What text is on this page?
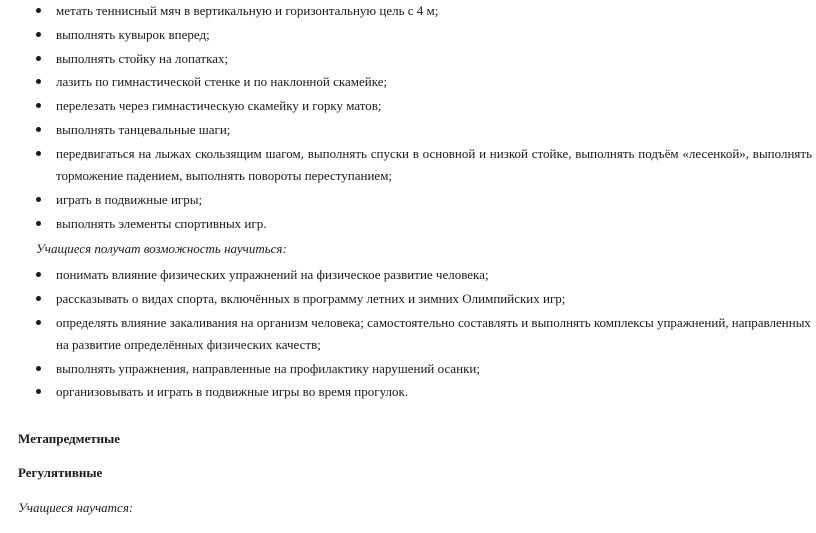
метать теннисный мяч в вертикальную и горизонтальную цель с 4 м;
выполнять кувырок вперед;
выполнять стойку на лопатках;
лазить по гимнастической стенке и по наклонной скамейке;
перелезать через гимнастическую скамейку и горку матов;
выполнять танцевальные шаги;
передвигаться на лыжах скользящим шагом, выполнять спуски в основной и низкой стойке, выполнять подъём «лесенкой», выполнять торможение падением, выполнять повороты переступанием;
играть в подвижные игры;
выполнять элементы спортивных игр.
Учащиеся получат возможность научиться:
понимать влияние физических упражнений на физическое развитие человека;
рассказывать о видах спорта, включённых в программу летних и зимних Олимпийских игр;
определять влияние закаливания на организм человека; самостоятельно составлять и выполнять комплексы упражнений, направленных на развитие определённых физических качеств;
выполнять упражнения, направленные на профилактику нарушений осанки;
организовывать и играть в подвижные игры во время прогулок.
Метапредметные
Регулятивные
Учащиеся научатся:
